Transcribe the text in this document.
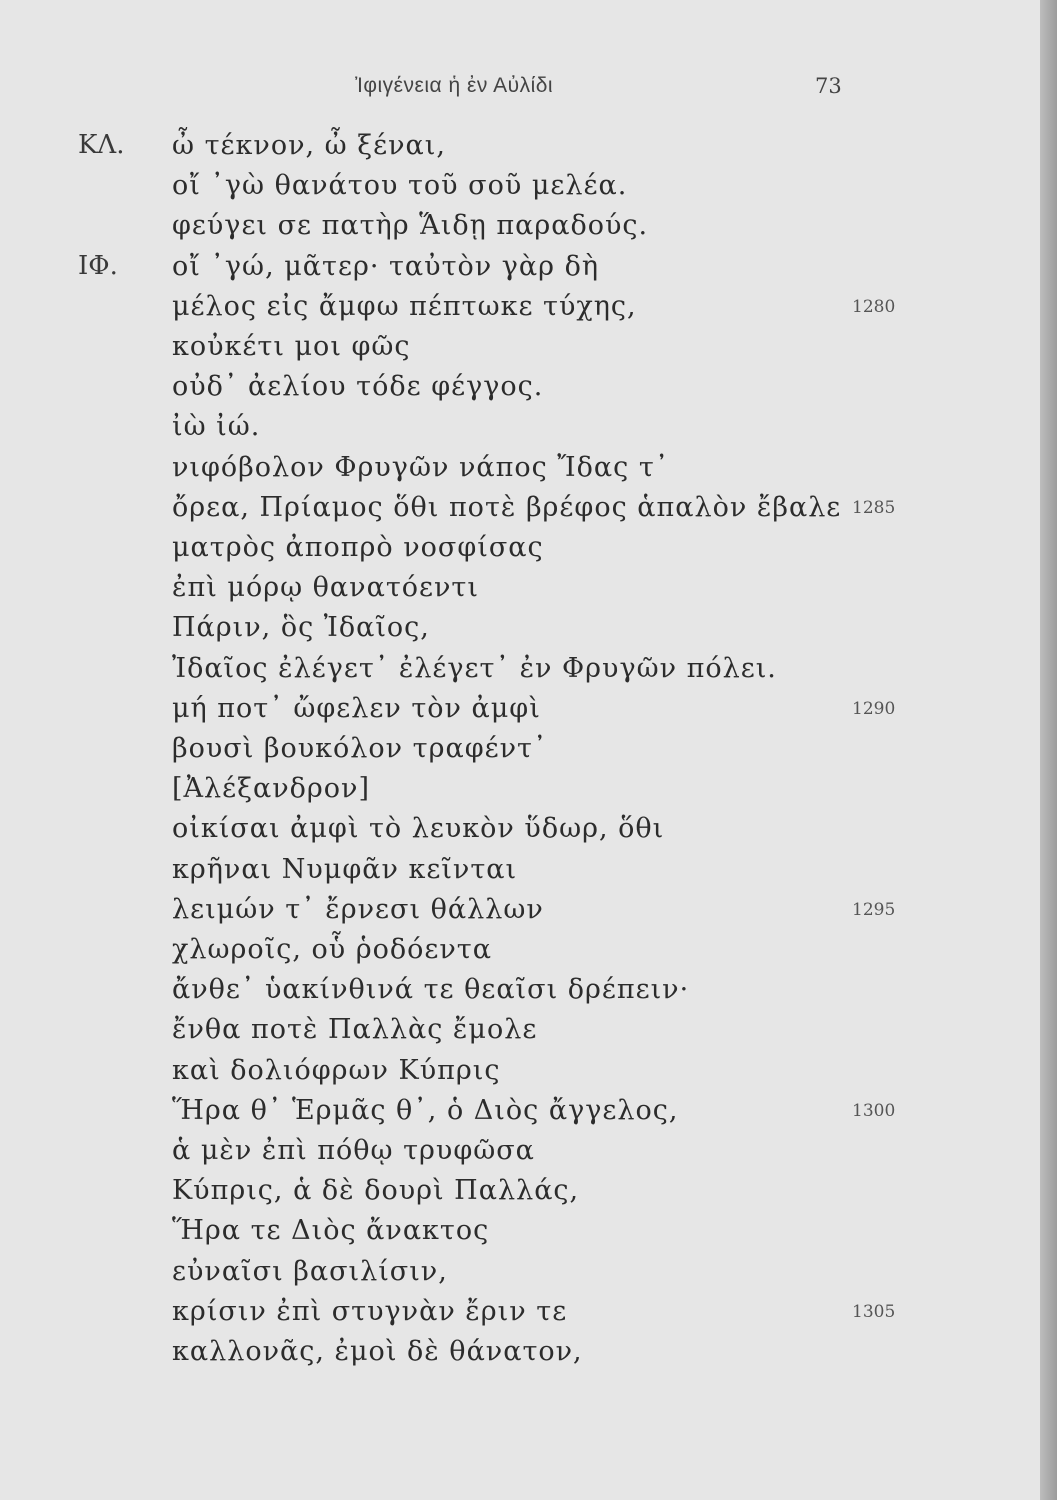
Ἰφιγένεια ἡ ἐν Αὐλίδι	73
ΚΛ. ὦ τέκνον, ὦ ξέναι,
οἴ ᾿γὼ θανάτου τοῦ σοῦ μελέα.
φεύγει σε πατὴρ Ἅιδῃ παραδούς.
ΙΦ. οἴ ᾿γώ, μᾶτερ· ταὐτὸν γὰρ δὴ
μέλος εἰς ἄμφω πέπτωκε τύχης,	1280
κοὐκέτι μοι φῶς
οὐδ᾿ ἀελίου τόδε φέγγος.
ἰὼ ἰώ.
νιφόβολον Φρυγῶν νάπος Ἴδας τ᾿
ὄρεα, Πρίαμος ὅθι ποτὲ βρέφος ἁπαλὸν ἔβαλε 1285
ματρὸς ἀποπρὸ νοσφίσας
ἐπὶ μόρῳ θανατόεντι
Πάριν, ὃς Ἰδαῖος,
Ἰδαῖος ἐλέγετ᾿ ἐλέγετ᾿ ἐν Φρυγῶν πόλει.
μή ποτ᾿ ὤφελεν τὸν ἀμφὶ	1290
βουσὶ βουκόλον τραφέντ᾿
[Ἀλέξανδρον]
οἰκίσαι ἀμφὶ τὸ λευκὸν ὕδωρ, ὅθι
κρῆναι Νυμφᾶν κεῖνται
λειμών τ᾿ ἔρνεσι θάλλων	1295
χλωροῖς, οὗ ῥοδόεντα
ἄνθε᾿ ὑακίνθινά τε θεαῖσι δρέπειν·
ἔνθα ποτὲ Παλλὰς ἔμολε
καὶ δολιόφρων Κύπρις
Ἥρα θ᾿ Ἑρμᾶς θ᾿, ὁ Διὸς ἄγγελος,	1300
ἁ μὲν ἐπὶ πόθῳ τρυφῶσα
Κύπρις, ἁ δὲ δουρὶ Παλλάς,
Ἥρα τε Διὸς ἄνακτος
εὐναῖσι βασιλίσιν,
κρίσιν ἐπὶ στυγνὰν ἔριν τε	1305
καλλονᾶς, ἐμοὶ δὲ θάνατον,
